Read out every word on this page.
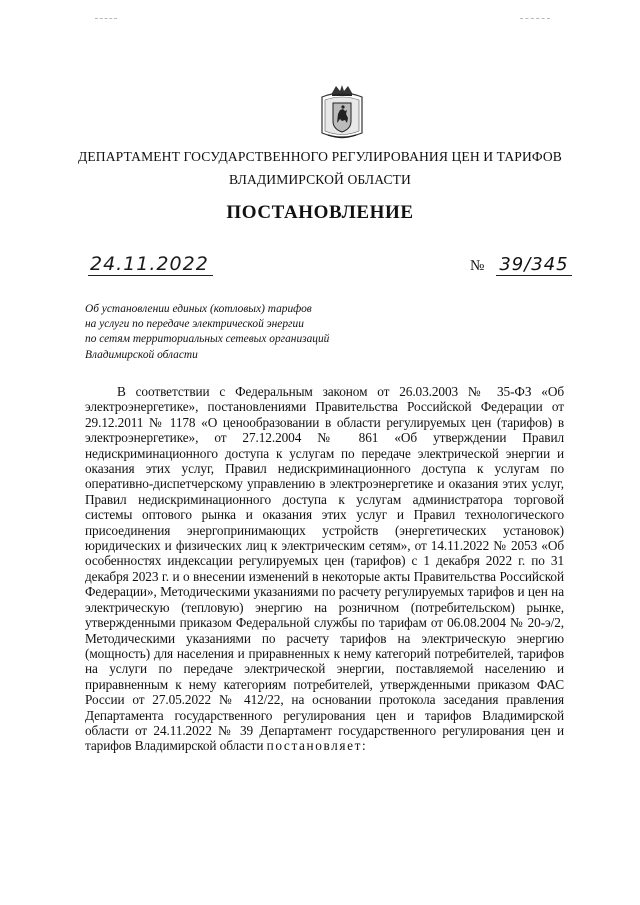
ДЕПАРТАМЕНТ ГОСУДАРСТВЕННОГО РЕГУЛИРОВАНИЯ ЦЕН И ТАРИФОВ
ВЛАДИМИРСКОЙ ОБЛАСТИ
ПОСТАНОВЛЕНИЕ
24.11.2022	№ 39/345
Об установлении единых (котловых) тарифов
на услуги по передаче электрической энергии
по сетям территориальных сетевых организаций
Владимирской области
В соответствии с Федеральным законом от 26.03.2003 № 35-ФЗ «Об электроэнергетике», постановлениями Правительства Российской Федерации от 29.12.2011 № 1178 «О ценообразовании в области регулируемых цен (тарифов) в электроэнергетике», от 27.12.2004 № 861 «Об утверждении Правил недискриминационного доступа к услугам по передаче электрической энергии и оказания этих услуг, Правил недискриминационного доступа к услугам по оперативно-диспетчерскому управлению в электроэнергетике и оказания этих услуг, Правил недискриминационного доступа к услугам администратора торговой системы оптового рынка и оказания этих услуг и Правил технологического присоединения энергопринимающих устройств (энергетических установок) юридических и физических лиц к электрическим сетям», от 14.11.2022 № 2053 «Об особенностях индексации регулируемых цен (тарифов) с 1 декабря 2022 г. по 31 декабря 2023 г. и о внесении изменений в некоторые акты Правительства Российской Федерации», Методическими указаниями по расчету регулируемых тарифов и цен на электрическую (тепловую) энергию на розничном (потребительском) рынке, утвержденными приказом Федеральной службы по тарифам от 06.08.2004 № 20-э/2, Методическими указаниями по расчету тарифов на электрическую энергию (мощность) для населения и приравненных к нему категорий потребителей, тарифов на услуги по передаче электрической энергии, поставляемой населению и приравненным к нему категориям потребителей, утвержденными приказом ФАС России от 27.05.2022 № 412/22, на основании протокола заседания правления Департамента государственного регулирования цен и тарифов Владимирской области от 24.11.2022 № 39 Департамент государственного регулирования цен и тарифов Владимирской области постановляет:
